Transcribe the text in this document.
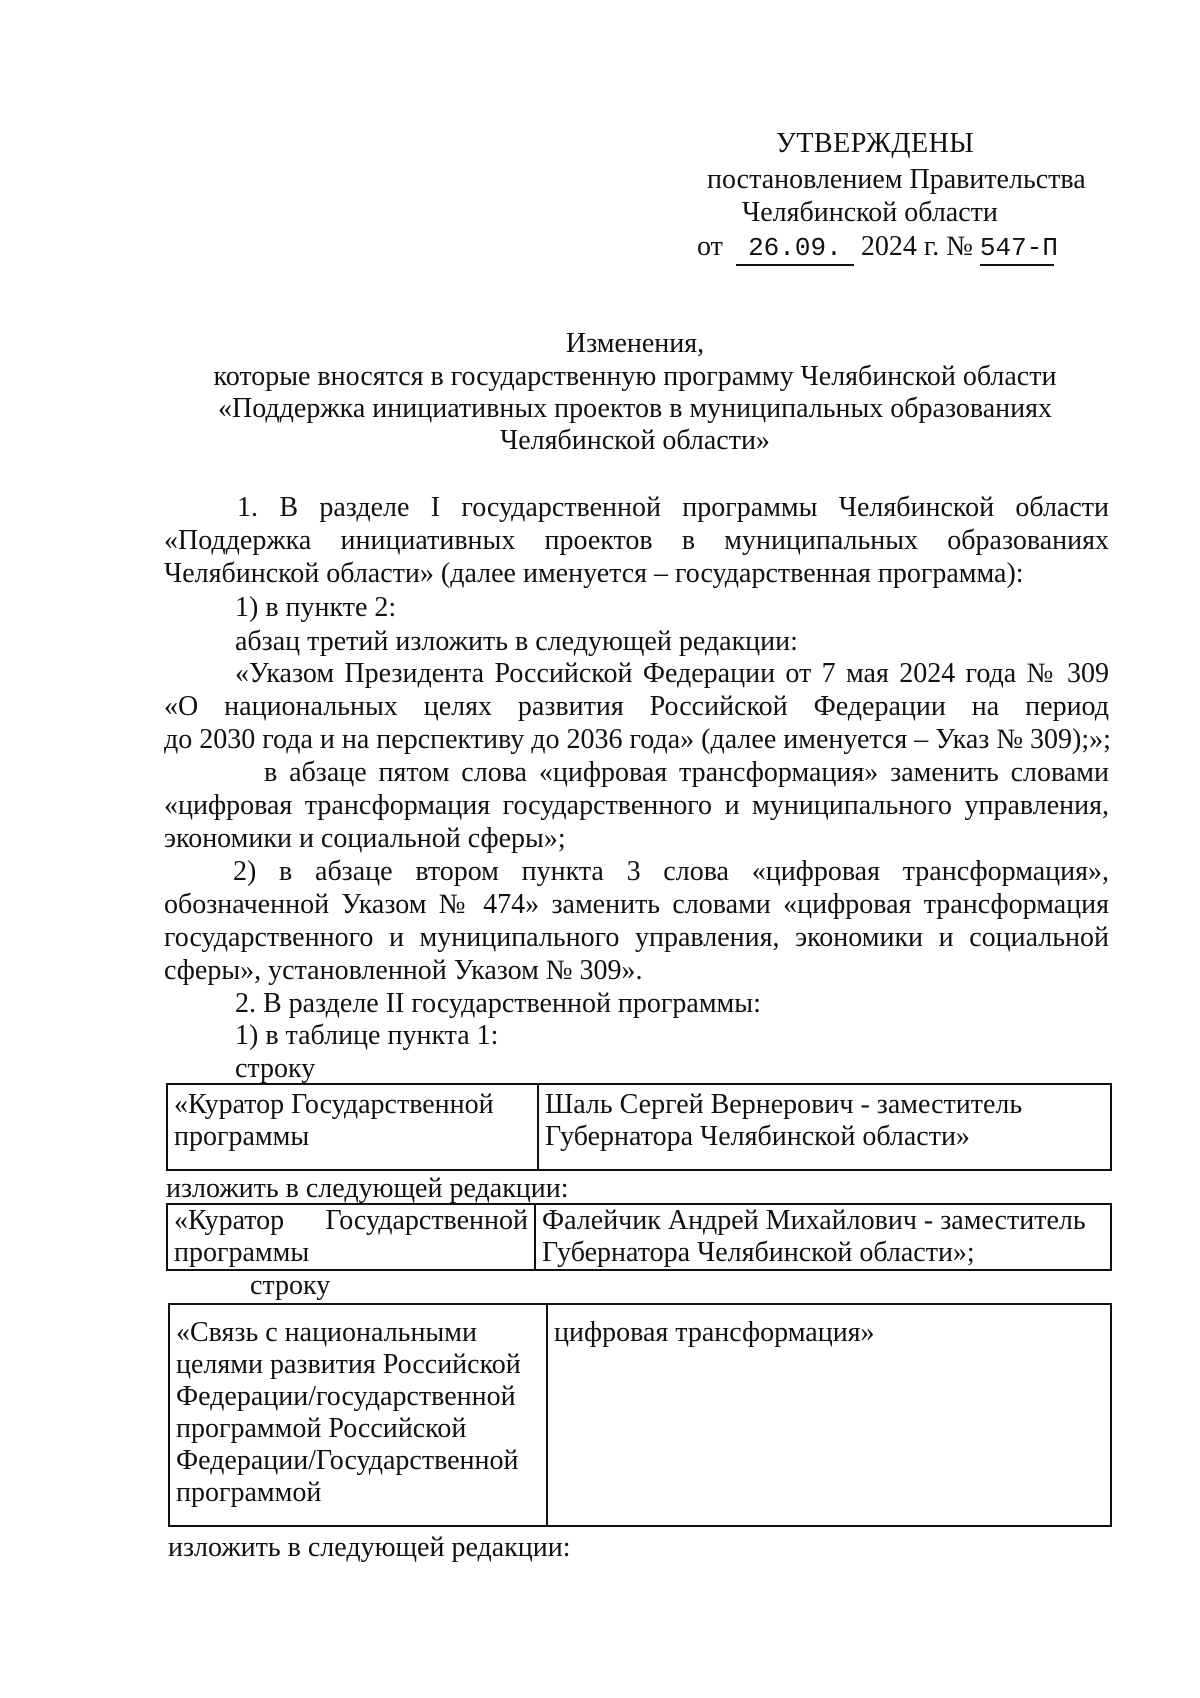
УТВЕРЖДЕНЫ
постановлением Правительства
Челябинской области
от 26.09. 2024 г. № 547-П
Изменения,
которые вносятся в государственную программу Челябинской области
«Поддержка инициативных проектов в муниципальных образованиях
Челябинской области»
1. В разделе I государственной программы Челябинской области
«Поддержка инициативных проектов в муниципальных образованиях
Челябинской области» (далее именуется – государственная программа):
1) в пункте 2:
абзац третий изложить в следующей редакции:
«Указом Президента Российской Федерации от 7 мая 2024 года № 309
«О национальных целях развития Российской Федерации на период
до 2030 года и на перспективу до 2036 года» (далее именуется – Указ № 309);»;
в абзаце пятом слова «цифровая трансформация» заменить словами
«цифровая трансформация государственного и муниципального управления,
экономики и социальной сферы»;
2) в абзаце втором пункта 3 слова «цифровая трансформация»,
обозначенной Указом № 474» заменить словами «цифровая трансформация
государственного и муниципального управления, экономики и социальной
сферы», установленной Указом № 309».
2. В разделе II государственной программы:
1) в таблице пункта 1:
строку
«Куратор Государственной
программы

Шаль Сергей Вернерович - заместитель
Губернатора Челябинской области»
изложить в следующей редакции:
«Куратор Государственной
программы

Фалейчик Андрей Михайлович - заместитель
Губернатора Челябинской области»;
строку
«Связь с национальными
целями развития Российской
Федерации/государственной
программой Российской
Федерации/Государственной
программой

цифровая трансформация»
изложить в следующей редакции:
